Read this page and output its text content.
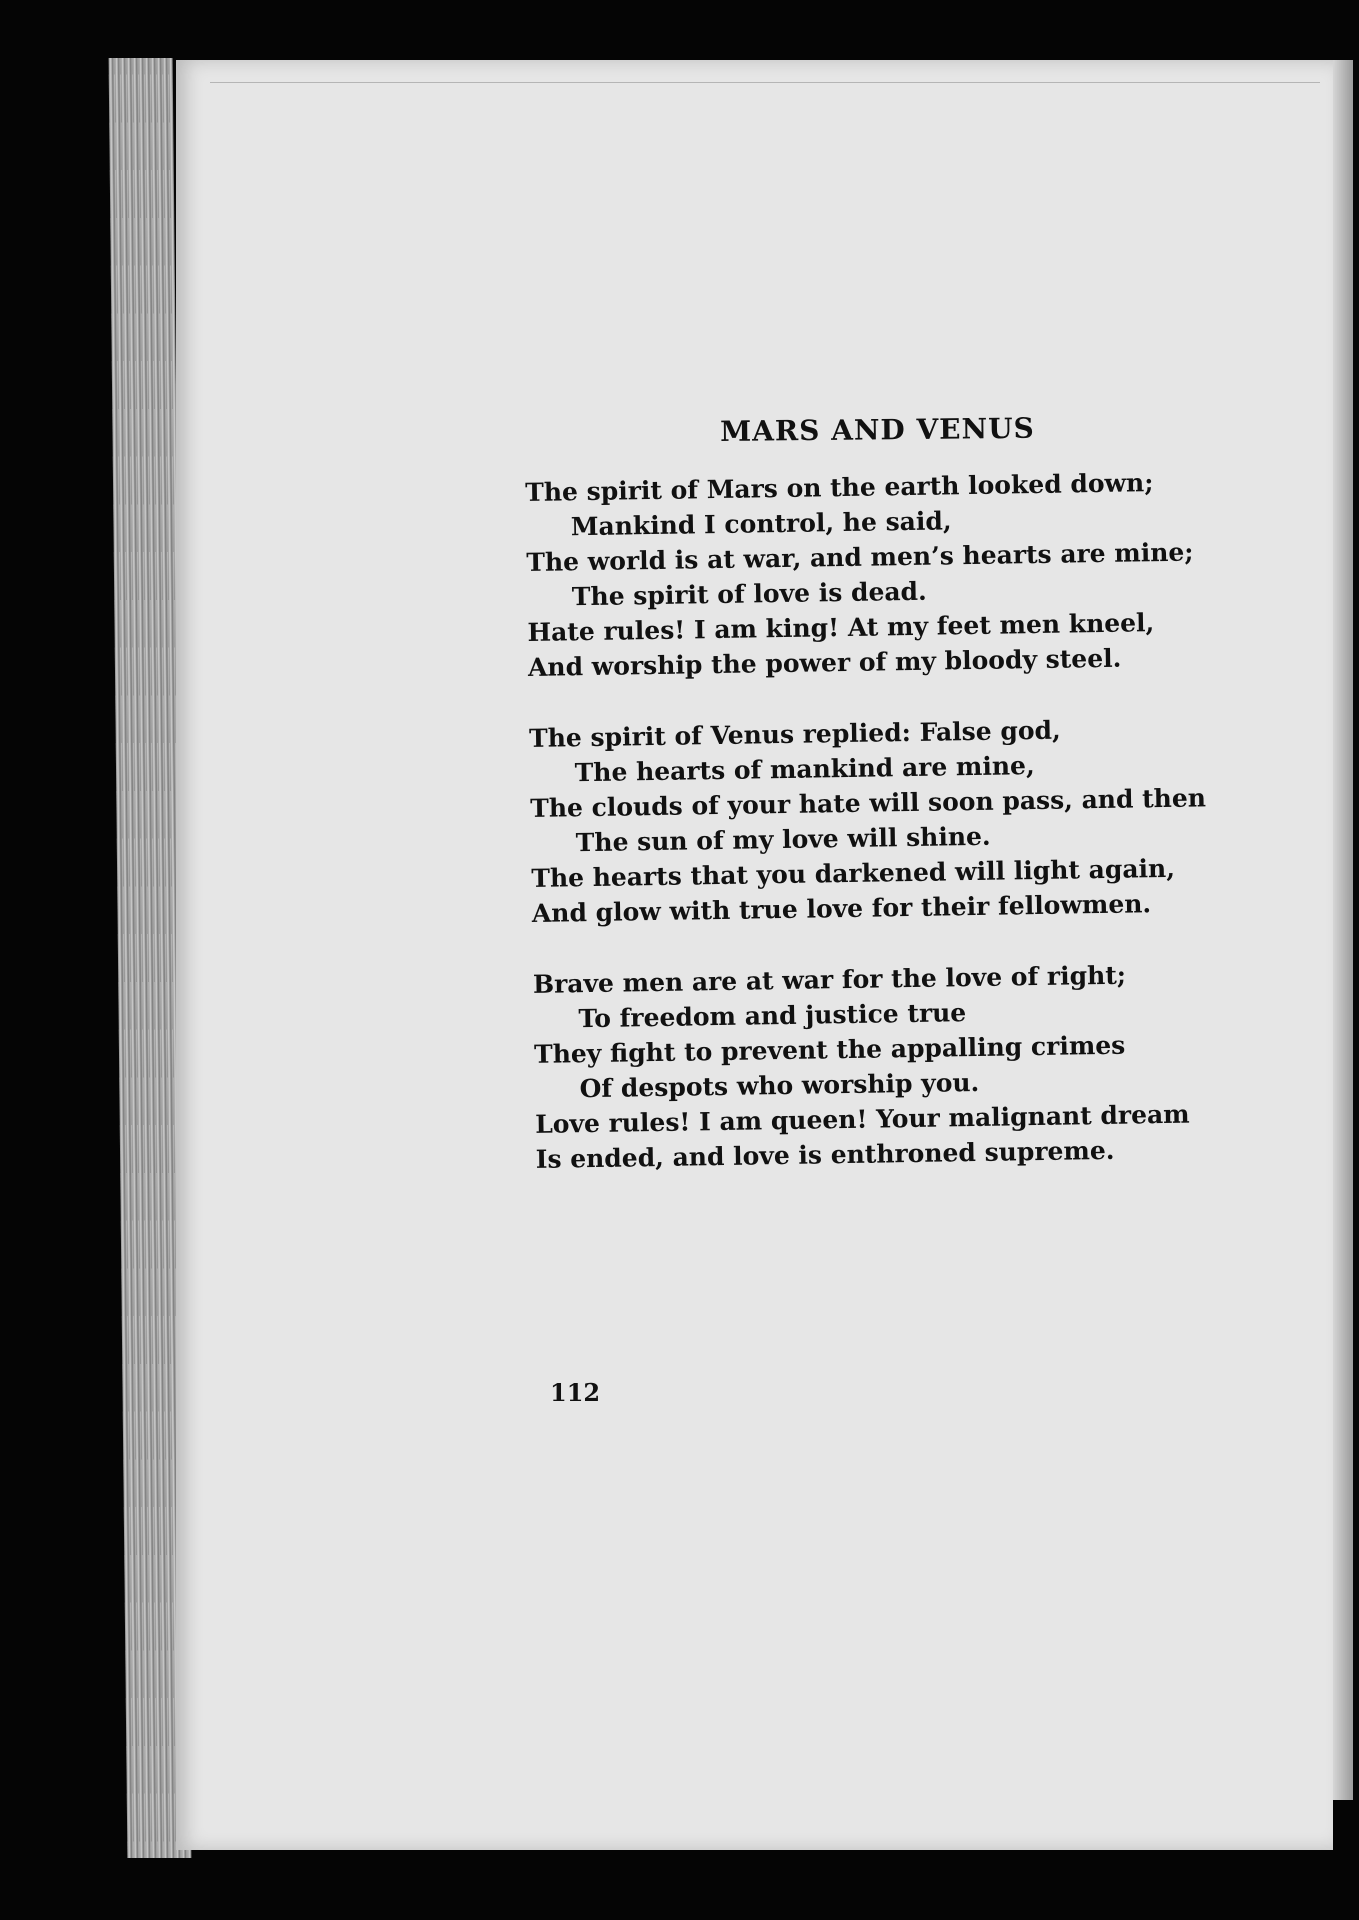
MARS AND VENUS
The spirit of Mars on the earth looked down;
Mankind I control, he said,
The world is at war, and men’s hearts are mine;
The spirit of love is dead.
Hate rules! I am king! At my feet men kneel,
And worship the power of my bloody steel.
The spirit of Venus replied: False god,
The hearts of mankind are mine,
The clouds of your hate will soon pass, and then
The sun of my love will shine.
The hearts that you darkened will light again,
And glow with true love for their fellowmen.
Brave men are at war for the love of right;
To freedom and justice true
They fight to prevent the appalling crimes
Of despots who worship you.
Love rules! I am queen! Your malignant dream
Is ended, and love is enthroned supreme.
112
